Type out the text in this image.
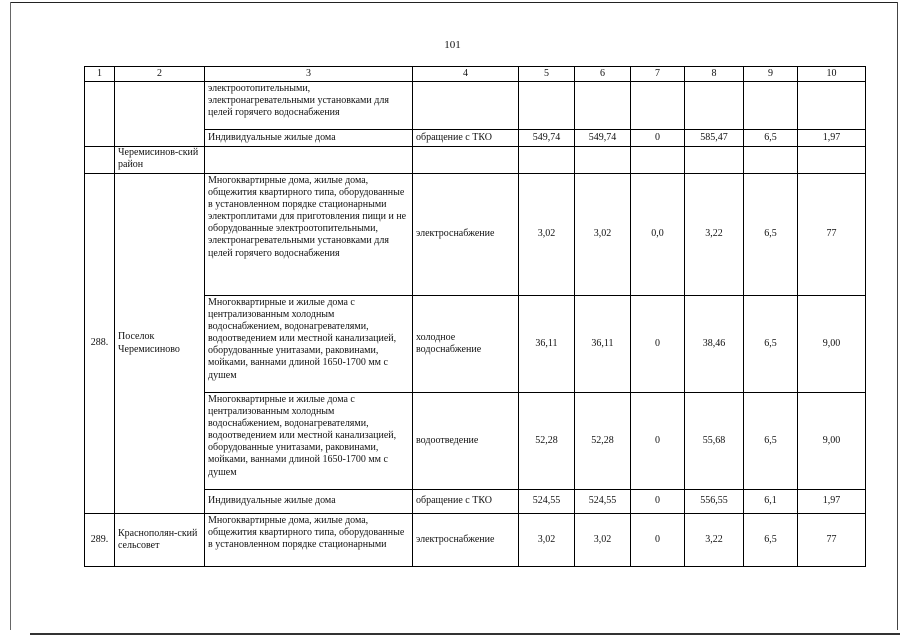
101
1	2	3	4	5	6	7	8	9	10
		электроотопительными, электронагревательными установками для целей горячего водоснабжения							
		Индивидуальные жилые дома	обращение с ТКО	549,74	549,74	0	585,47	6,5	1,97
	Черемисинов-ский район								
288.	Поселок Черемисиново	Многоквартирные дома, жилые дома, общежития квартирного типа, оборудованные в установленном порядке стационарными электроплитами для приготовления пищи и не оборудованные электроотопительными, электронагревательными установками для целей горячего водоснабжения	электроснабжение	3,02	3,02	0,0	3,22	6,5	77
		Многоквартирные и жилые дома с централизованным холодным водоснабжением, водонагревателями, водоотведением или местной канализацией, оборудованные унитазами, раковинами, мойками, ваннами длиной 1650-1700 мм с душем	холодное водоснабжение	36,11	36,11	0	38,46	6,5	9,00
		Многоквартирные и жилые дома с централизованным холодным водоснабжением, водонагревателями, водоотведением или местной канализацией, оборудованные унитазами, раковинами, мойками, ваннами длиной 1650-1700 мм с душем	водоотведение	52,28	52,28	0	55,68	6,5	9,00
		Индивидуальные жилые дома	обращение с ТКО	524,55	524,55	0	556,55	6,1	1,97
289.	Краснополян-ский сельсовет	Многоквартирные дома, жилые дома, общежития квартирного типа, оборудованные в установленном порядке стационарными	электроснабжение	3,02	3,02	0	3,22	6,5	77
